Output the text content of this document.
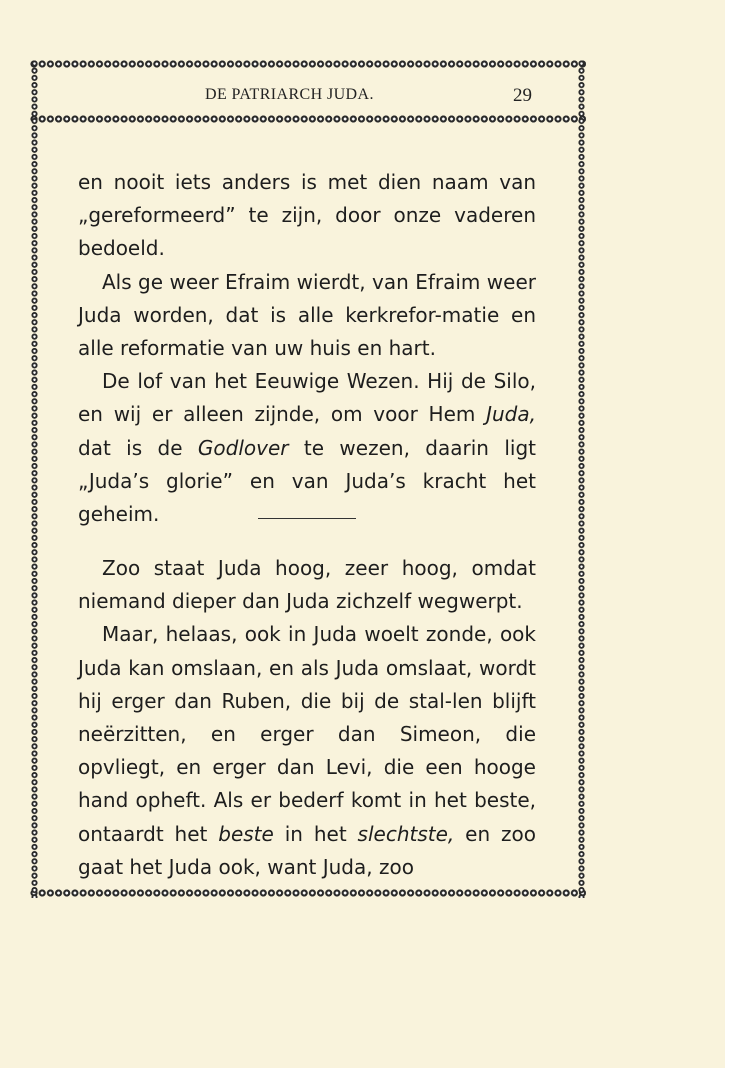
DE PATRIARCH JUDA.	29

en nooit iets anders is met dien naam van „gereformeerd” te zijn, door onze vaderen bedoeld.

Als ge weer Efraim wierdt, van Efraim weer Juda worden, dat is alle kerkrefor-matie en alle reformatie van uw huis en hart.

De lof van het Eeuwige Wezen. Hij de Silo, en wij er alleen zijnde, om voor Hem Juda, dat is de Godlover te wezen, daarin ligt „Juda’s glorie” en van Juda’s kracht het geheim.

Zoo staat Juda hoog, zeer hoog, omdat niemand dieper dan Juda zichzelf wegwerpt.

Maar, helaas, ook in Juda woelt zonde, ook Juda kan omslaan, en als Juda omslaat, wordt hij erger dan Ruben, die bij de stal-len blijft neërzitten, en erger dan Simeon, die opvliegt, en erger dan Levi, die een hooge hand opheft. Als er bederf komt in het beste, ontaardt het beste in het slechtste, en zoo gaat het Juda ook, want Juda, zoo
